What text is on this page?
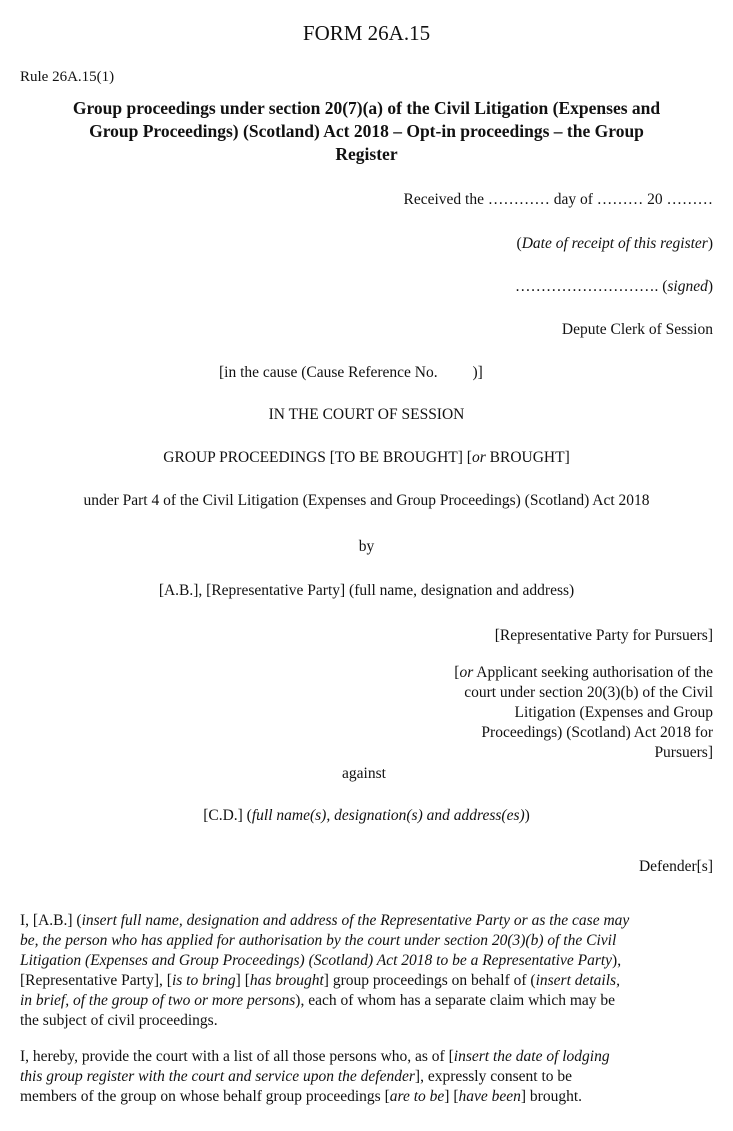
FORM 26A.15
Rule 26A.15(1)
Group proceedings under section 20(7)(a) of the Civil Litigation (Expenses and
Group Proceedings) (Scotland) Act 2018 – Opt-in proceedings – the Group
Register
Received the ………… day of ……… 20 ………
(Date of receipt of this register)
………………………. (signed)
Depute Clerk of Session
[in the cause (Cause Reference No.         )]
IN THE COURT OF SESSION
GROUP PROCEEDINGS [TO BE BROUGHT] [or BROUGHT]
under Part 4 of the Civil Litigation (Expenses and Group Proceedings) (Scotland) Act 2018
by
[A.B.], [Representative Party] (full name, designation and address)
[Representative Party for Pursuers]
[or Applicant seeking authorisation of the
court under section 20(3)(b) of the Civil
Litigation (Expenses and Group
Proceedings) (Scotland) Act 2018 for
Pursuers]
against
[C.D.] (full name(s), designation(s) and address(es))
Defender[s]
I, [A.B.] (insert full name, designation and address of the Representative Party or as the case may
be, the person who has applied for authorisation by the court under section 20(3)(b) of the Civil
Litigation (Expenses and Group Proceedings) (Scotland) Act 2018 to be a Representative Party),
[Representative Party], [is to bring] [has brought] group proceedings on behalf of (insert details,
in brief, of the group of two or more persons), each of whom has a separate claim which may be
the subject of civil proceedings.
I, hereby, provide the court with a list of all those persons who, as of [insert the date of lodging
this group register with the court and service upon the defender], expressly consent to be
members of the group on whose behalf group proceedings [are to be] [have been] brought.
